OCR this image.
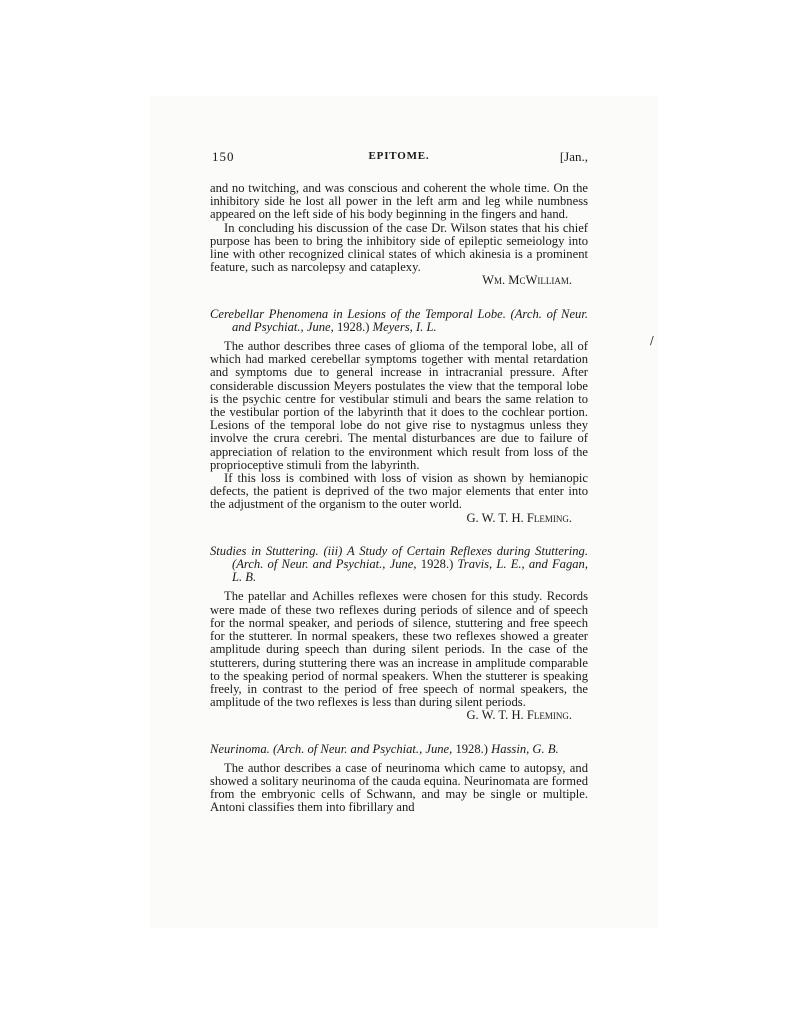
/
150	EPITOME.	[Jan.,

and no twitching, and was conscious and coherent the whole time. On the inhibitory side he lost all power in the left arm and leg while numbness appeared on the left side of his body beginning in the fingers and hand.

In concluding his discussion of the case Dr. Wilson states that his chief purpose has been to bring the inhibitory side of epileptic semeiology into line with other recognized clinical states of which akinesia is a prominent feature, such as narcolepsy and cataplexy.

Wm. McWilliam.

Cerebellar Phenomena in Lesions of the Temporal Lobe. (Arch. of Neur. and Psychiat., June, 1928.) Meyers, I. L.

The author describes three cases of glioma of the temporal lobe, all of which had marked cerebellar symptoms together with mental retardation and symptoms due to general increase in intracranial pressure. After considerable discussion Meyers postulates the view that the temporal lobe is the psychic centre for vestibular stimuli and bears the same relation to the vestibular portion of the labyrinth that it does to the cochlear portion. Lesions of the temporal lobe do not give rise to nystagmus unless they involve the crura cerebri. The mental disturbances are due to failure of appreciation of relation to the environment which result from loss of the proprioceptive stimuli from the labyrinth.

If this loss is combined with loss of vision as shown by hemianopic defects, the patient is deprived of the two major elements that enter into the adjustment of the organism to the outer world.

G. W. T. H. Fleming.

Studies in Stuttering. (iii) A Study of Certain Reflexes during Stuttering. (Arch. of Neur. and Psychiat., June, 1928.) Travis, L. E., and Fagan, L. B.

The patellar and Achilles reflexes were chosen for this study. Records were made of these two reflexes during periods of silence and of speech for the normal speaker, and periods of silence, stuttering and free speech for the stutterer. In normal speakers, these two reflexes showed a greater amplitude during speech than during silent periods. In the case of the stutterers, during stuttering there was an increase in amplitude comparable to the speaking period of normal speakers. When the stutterer is speaking freely, in contrast to the period of free speech of normal speakers, the amplitude of the two reflexes is less than during silent periods.

G. W. T. H. Fleming.

Neurinoma. (Arch. of Neur. and Psychiat., June, 1928.) Hassin, G. B.

The author describes a case of neurinoma which came to autopsy, and showed a solitary neurinoma of the cauda equina. Neurinomata are formed from the embryonic cells of Schwann, and may be single or multiple. Antoni classifies them into fibrillary and
